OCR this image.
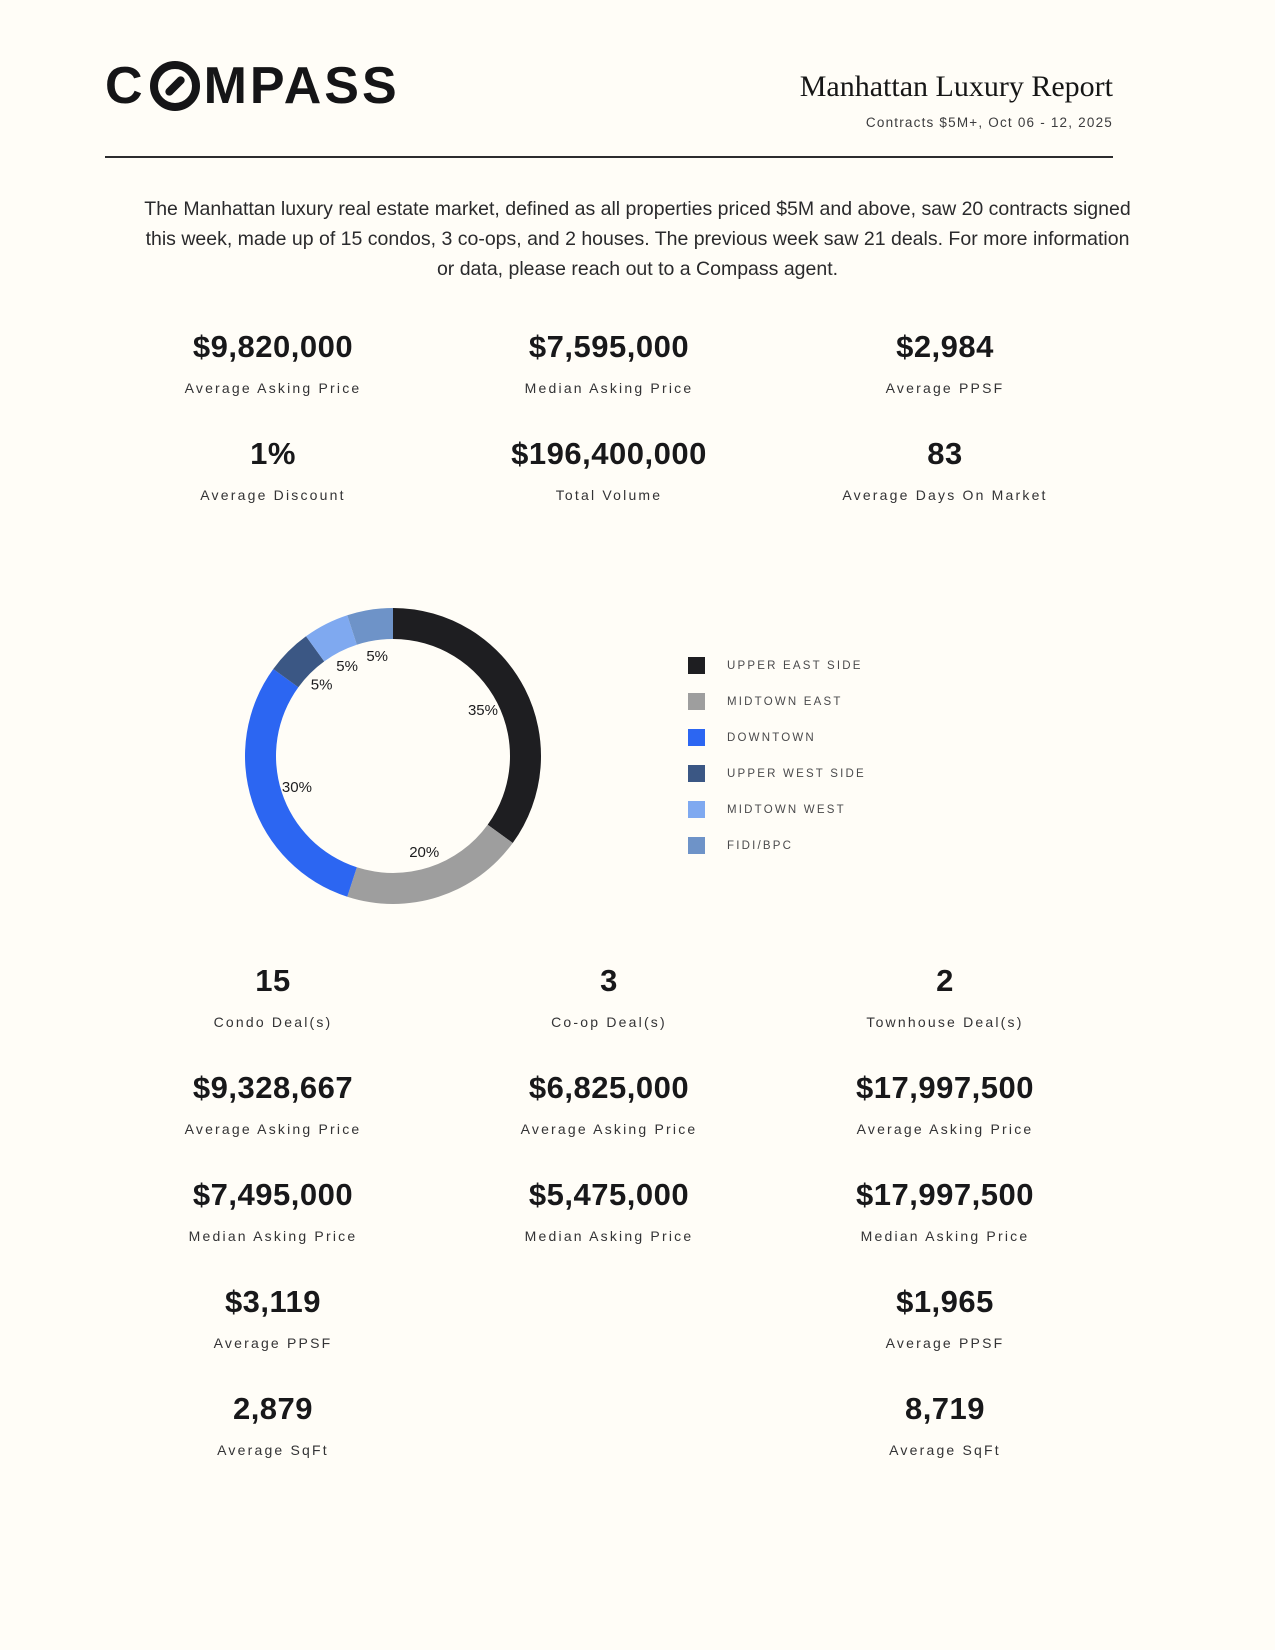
C MPASS	Manhattan Luxury Report
Contracts $5M+, Oct 06 - 12, 2025

The Manhattan luxury real estate market, defined as all properties priced $5M and above, saw 20 contracts signed this week, made up of 15 condos, 3 co-ops, and 2 houses. The previous week saw 21 deals. For more information or data, please reach out to a Compass agent.

$9,820,000
Average Asking Price
$7,595,000
Median Asking Price
$2,984
Average PPSF
1%
Average Discount
$196,400,000
Total Volume
83
Average Days On Market
35%
20%
30%
5%
5%
5%
UPPER EAST SIDE
MIDTOWN EAST
DOWNTOWN
UPPER WEST SIDE
MIDTOWN WEST
FIDI/BPC
15
Condo Deal(s)
$9,328,667
Average Asking Price
$7,495,000
Median Asking Price
$3,119
Average PPSF
2,879
Average SqFt
3
Co-op Deal(s)
$6,825,000
Average Asking Price
$5,475,000
Median Asking Price
2
Townhouse Deal(s)
$17,997,500
Average Asking Price
$17,997,500
Median Asking Price
$1,965
Average PPSF
8,719
Average SqFt
